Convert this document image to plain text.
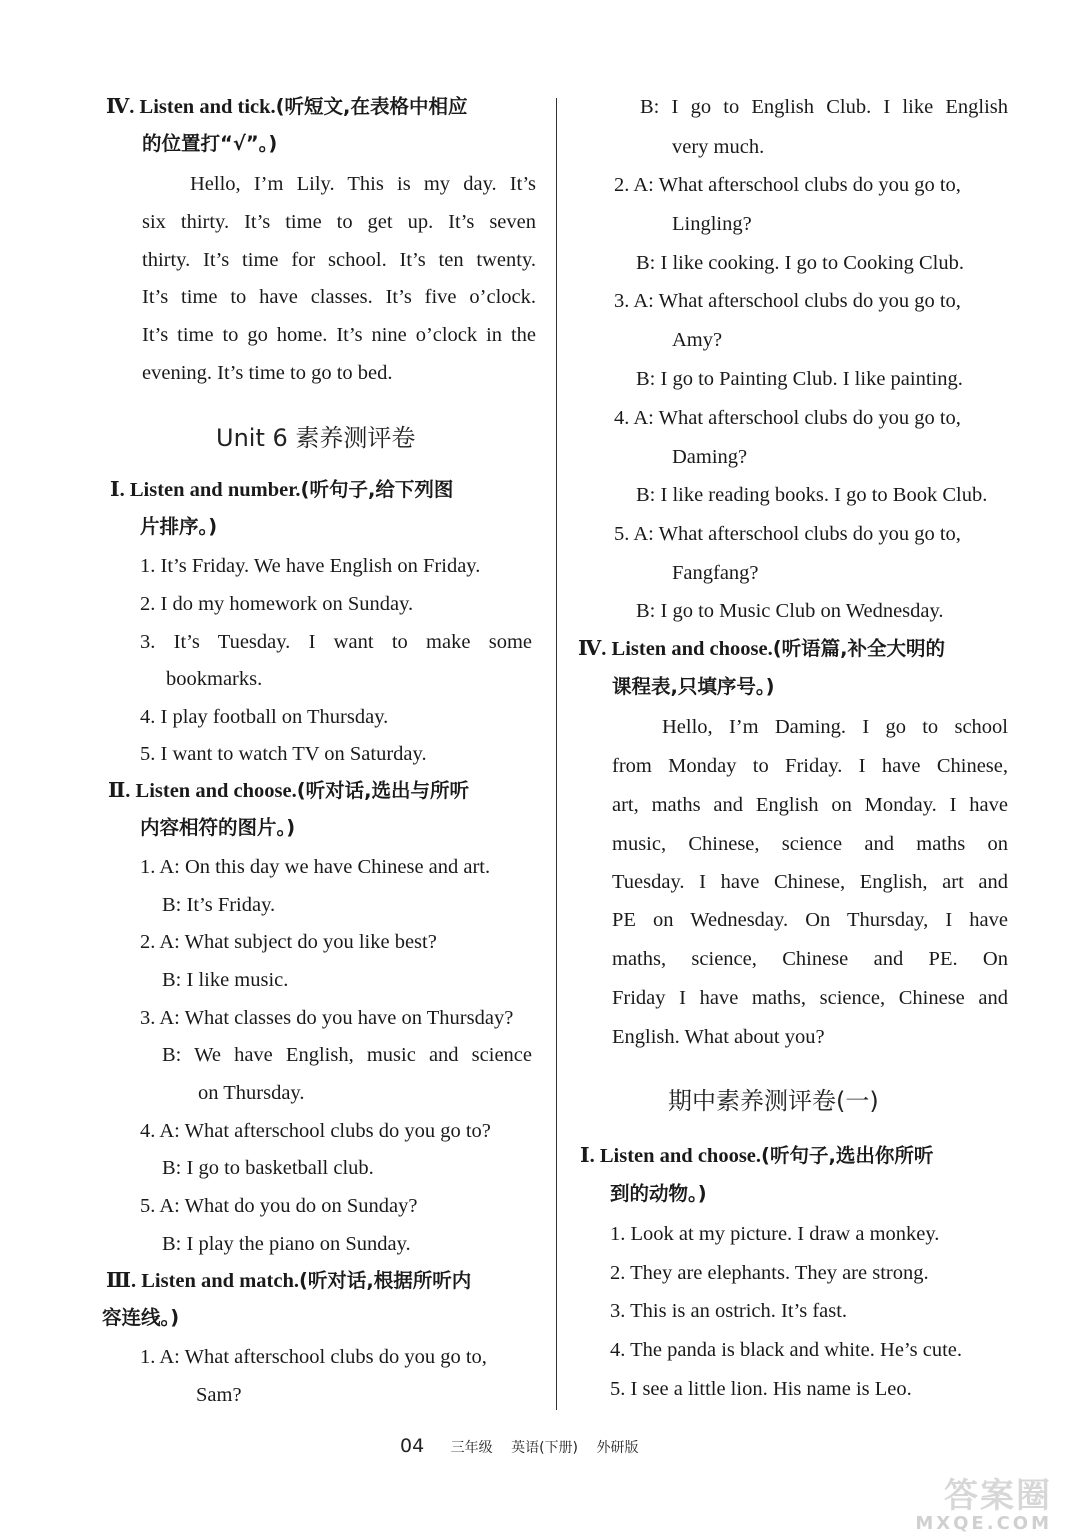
Ⅳ. Listen and tick.(听短文,在表格中相应
的位置打“√”。)
Hello, I’m Lily. This is my day. It’s
six thirty. It’s time to get up. It’s seven
thirty. It’s time for school. It’s ten twenty.
It’s time to have classes. It’s five o’clock.
It’s time to go home. It’s nine o’clock in the
evening. It’s time to go to bed.
Unit 6 素养测评卷
Ⅰ. Listen and number.(听句子,给下列图
片排序。)
1. It’s Friday. We have English on Friday.
2. I do my homework on Sunday.
3. It’s Tuesday. I want to make some
bookmarks.
4. I play football on Thursday.
5. I want to watch TV on Saturday.
Ⅱ. Listen and choose.(听对话,选出与所听
内容相符的图片。)
1. A: On this day we have Chinese and art.
B: It’s Friday.
2. A: What subject do you like best?
B: I like music.
3. A: What classes do you have on Thursday?
B: We have English, music and science
on Thursday.
4. A: What afterschool clubs do you go to?
B: I go to basketball club.
5. A: What do you do on Sunday?
B: I play the piano on Sunday.
Ⅲ. Listen and match.(听对话,根据所听内
容连线。)
1. A: What afterschool clubs do you go to,
Sam?
B: I go to English Club. I like English
very much.
2. A: What afterschool clubs do you go to,
Lingling?
B: I like cooking. I go to Cooking Club.
3. A: What afterschool clubs do you go to,
Amy?
B: I go to Painting Club. I like painting.
4. A: What afterschool clubs do you go to,
Daming?
B: I like reading books. I go to Book Club.
5. A: What afterschool clubs do you go to,
Fangfang?
B: I go to Music Club on Wednesday.
Ⅳ. Listen and choose.(听语篇,补全大明的
课程表,只填序号。)
Hello, I’m Daming. I go to school
from Monday to Friday. I have Chinese,
art, maths and English on Monday. I have
music, Chinese, science and maths on
Tuesday. I have Chinese, English, art and
PE on Wednesday. On Thursday, I have
maths, science, Chinese and PE. On
Friday I have maths, science, Chinese and
English. What about you?
期中素养测评卷(一)
Ⅰ. Listen and choose.(听句子,选出你所听
到的动物。)
1. Look at my picture. I draw a monkey.
2. They are elephants. They are strong.
3. This is an ostrich. It’s fast.
4. The panda is black and white. He’s cute.
5. I see a little lion. His name is Leo.
04 三年级 英语(下册) 外研版
答案圈
MXQE.COM
